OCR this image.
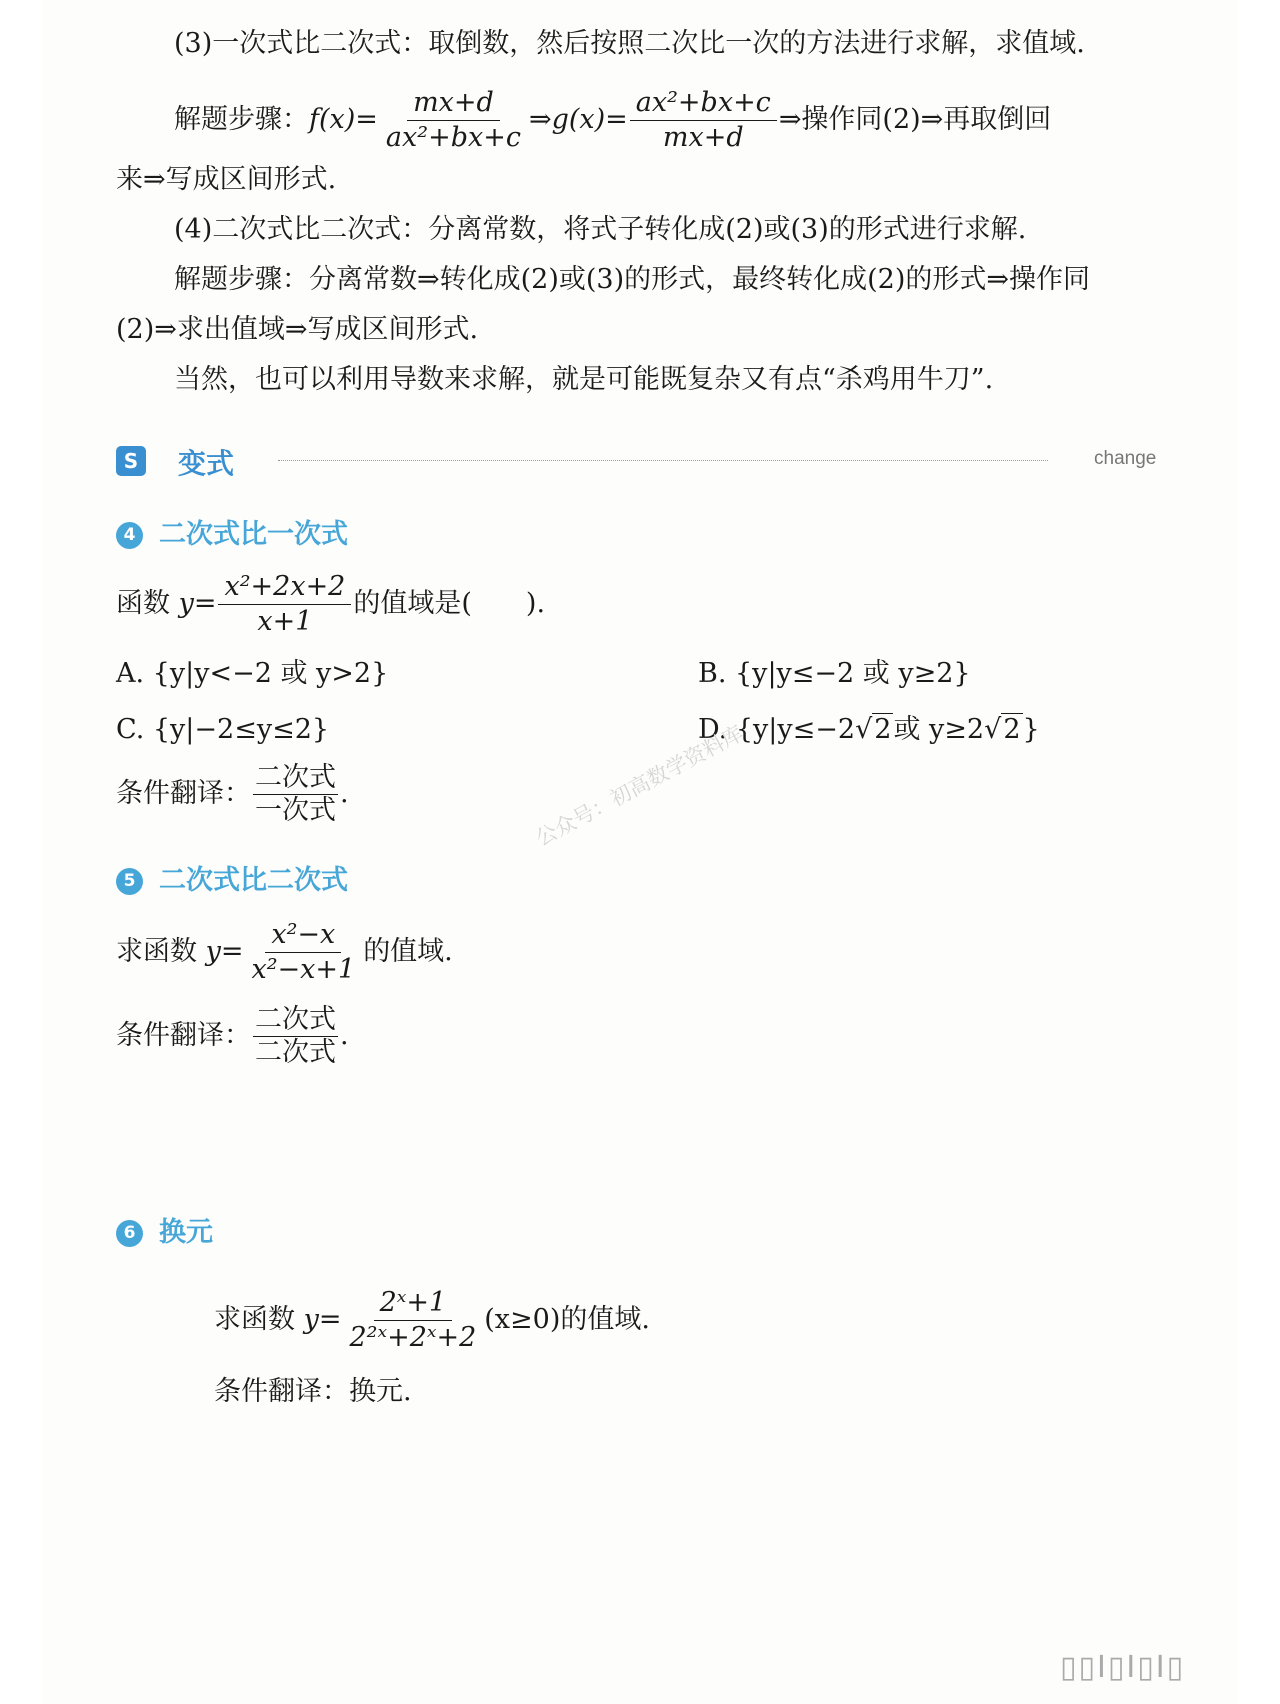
(3)一次式比二次式：取倒数，然后按照二次比一次的方法进行求解，求值域.
解题步骤：$f(x)= \frac{mx+d}{\text{ax²+bx+c}}$ ⇒g(x)= $\frac{\text{ax²+bx+c}}{mx+d}$ ⇒操作同(2)⇒再取倒回
来⇒写成区间形式.
(4)二次式比二次式：分离常数，将式子转化成(2)或(3)的形式进行求解.
解题步骤：分离常数⇒转化成(2)或(3)的形式，最终转化成(2)的形式⇒操作同
(2)⇒求出值域⇒写成区间形式.
当然，也可以利用导数来求解，就是可能既复杂又有点“杀鸡用牛刀”.
S 变式	change
4 二次式比一次式
函数 $y= \frac{\text{x²+2x+2}}{x+1}$ 的值域是(　　).
A. {y|y<−2 或 y>2}	B. {y|y≤−2 或 y≥2}
C. {y|−2≤y≤2}	D. {y|y≤−2√2或 y≥2√2}
条件翻译： $\frac{\text{二次式}}{\text{一次式}}$ .	公众号：初高数学资料库
5 二次式比二次式
求函数 $y= \frac{\text{x²−x}}{\text{x²−x+1}}$ 的值域.
条件翻译： $\frac{\text{二次式}}{\text{二次式}}$ .
6 换元
求函数 $y= \frac{\text{2ˣ+1}}{\text{2²ˣ+2ˣ+2}} (x\ge 0)$的值域.
条件翻译：换元.
▯▯I▯I▯I▯
